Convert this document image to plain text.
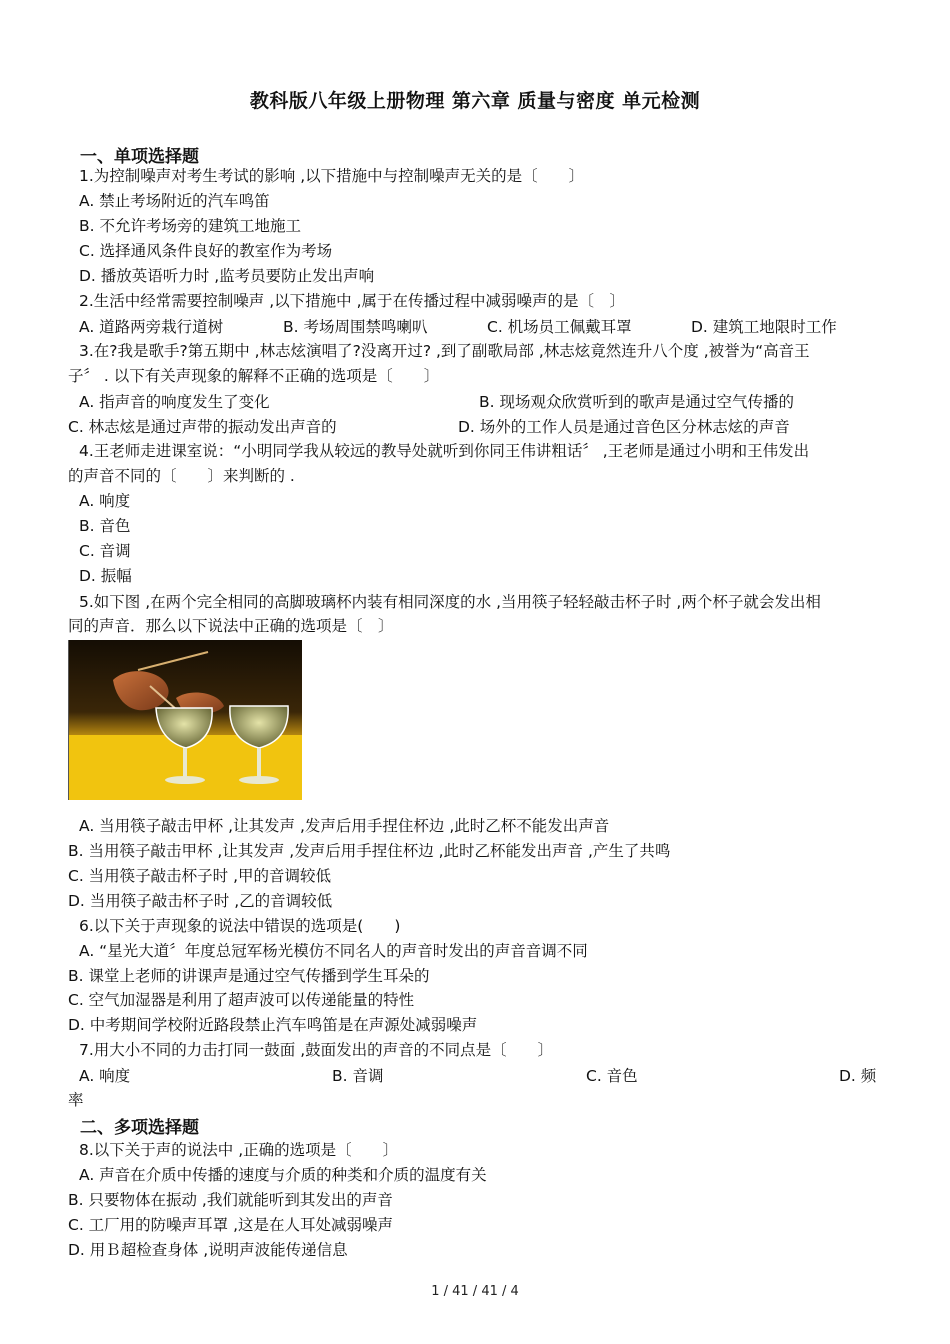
教科版八年级上册物理 第六章 质量与密度 单元检测
一、单项选择题
1.为控制噪声对考生考试的影响 ,以下措施中与控制噪声无关的是〔　　〕
A. 禁止考场附近的汽车鸣笛
B. 不允许考场旁的建筑工地施工
C. 选择通风条件良好的教室作为考场
D. 播放英语听力时 ,监考员要防止发出声响
2.生活中经常需要控制噪声 ,以下措施中 ,属于在传播过程中减弱噪声的是〔　〕
A. 道路两旁栽行道树	B. 考场周围禁鸣喇叭	C. 机场员工佩戴耳罩	D. 建筑工地限时工作
3.在?我是歌手?第五期中 ,林志炫演唱了?没离开过? ,到了副歌局部 ,林志炫竟然连升八个度 ,被誉为“高音王
子〞 . 以下有关声现象的解释不正确的选项是〔　　〕
A. 指声音的响度发生了变化	B. 现场观众欣赏听到的歌声是通过空气传播的
C. 林志炫是通过声带的振动发出声音的	D. 场外的工作人员是通过音色区分林志炫的声音
4.王老师走进课室说：“小明同学我从较远的教导处就听到你同王伟讲粗话〞 ,王老师是通过小明和王伟发出
的声音不同的〔　　〕来判断的 .
A. 响度
B. 音色
C. 音调
D. 振幅
5.如下图 ,在两个完全相同的高脚玻璃杯内装有相同深度的水 ,当用筷子轻轻敲击杯子时 ,两个杯子就会发出相
同的声音．那么以下说法中正确的选项是〔　〕
A. 当用筷子敲击甲杯 ,让其发声 ,发声后用手捏住杯边 ,此时乙杯不能发出声音
B. 当用筷子敲击甲杯 ,让其发声 ,发声后用手捏住杯边 ,此时乙杯能发出声音 ,产生了共鸣
C. 当用筷子敲击杯子时 ,甲的音调较低
D. 当用筷子敲击杯子时 ,乙的音调较低
6.以下关于声现象的说法中错误的选项是(　　)
A. “星光大道〞年度总冠军杨光模仿不同名人的声音时发出的声音音调不同
B. 课堂上老师的讲课声是通过空气传播到学生耳朵的
C. 空气加湿器是利用了超声波可以传递能量的特性
D. 中考期间学校附近路段禁止汽车鸣笛是在声源处减弱噪声
7.用大小不同的力击打同一鼓面 ,鼓面发出的声音的不同点是〔　　〕
A. 响度	B. 音调	C. 音色	D. 频
率
二、多项选择题
8.以下关于声的说法中 ,正确的选项是〔　　〕
A. 声音在介质中传播的速度与介质的种类和介质的温度有关
B. 只要物体在振动 ,我们就能听到其发出的声音
C. 工厂用的防噪声耳罩 ,这是在人耳处减弱噪声
D. 用Ｂ超检查身体 ,说明声波能传递信息
1 / 41 / 41 / 4
